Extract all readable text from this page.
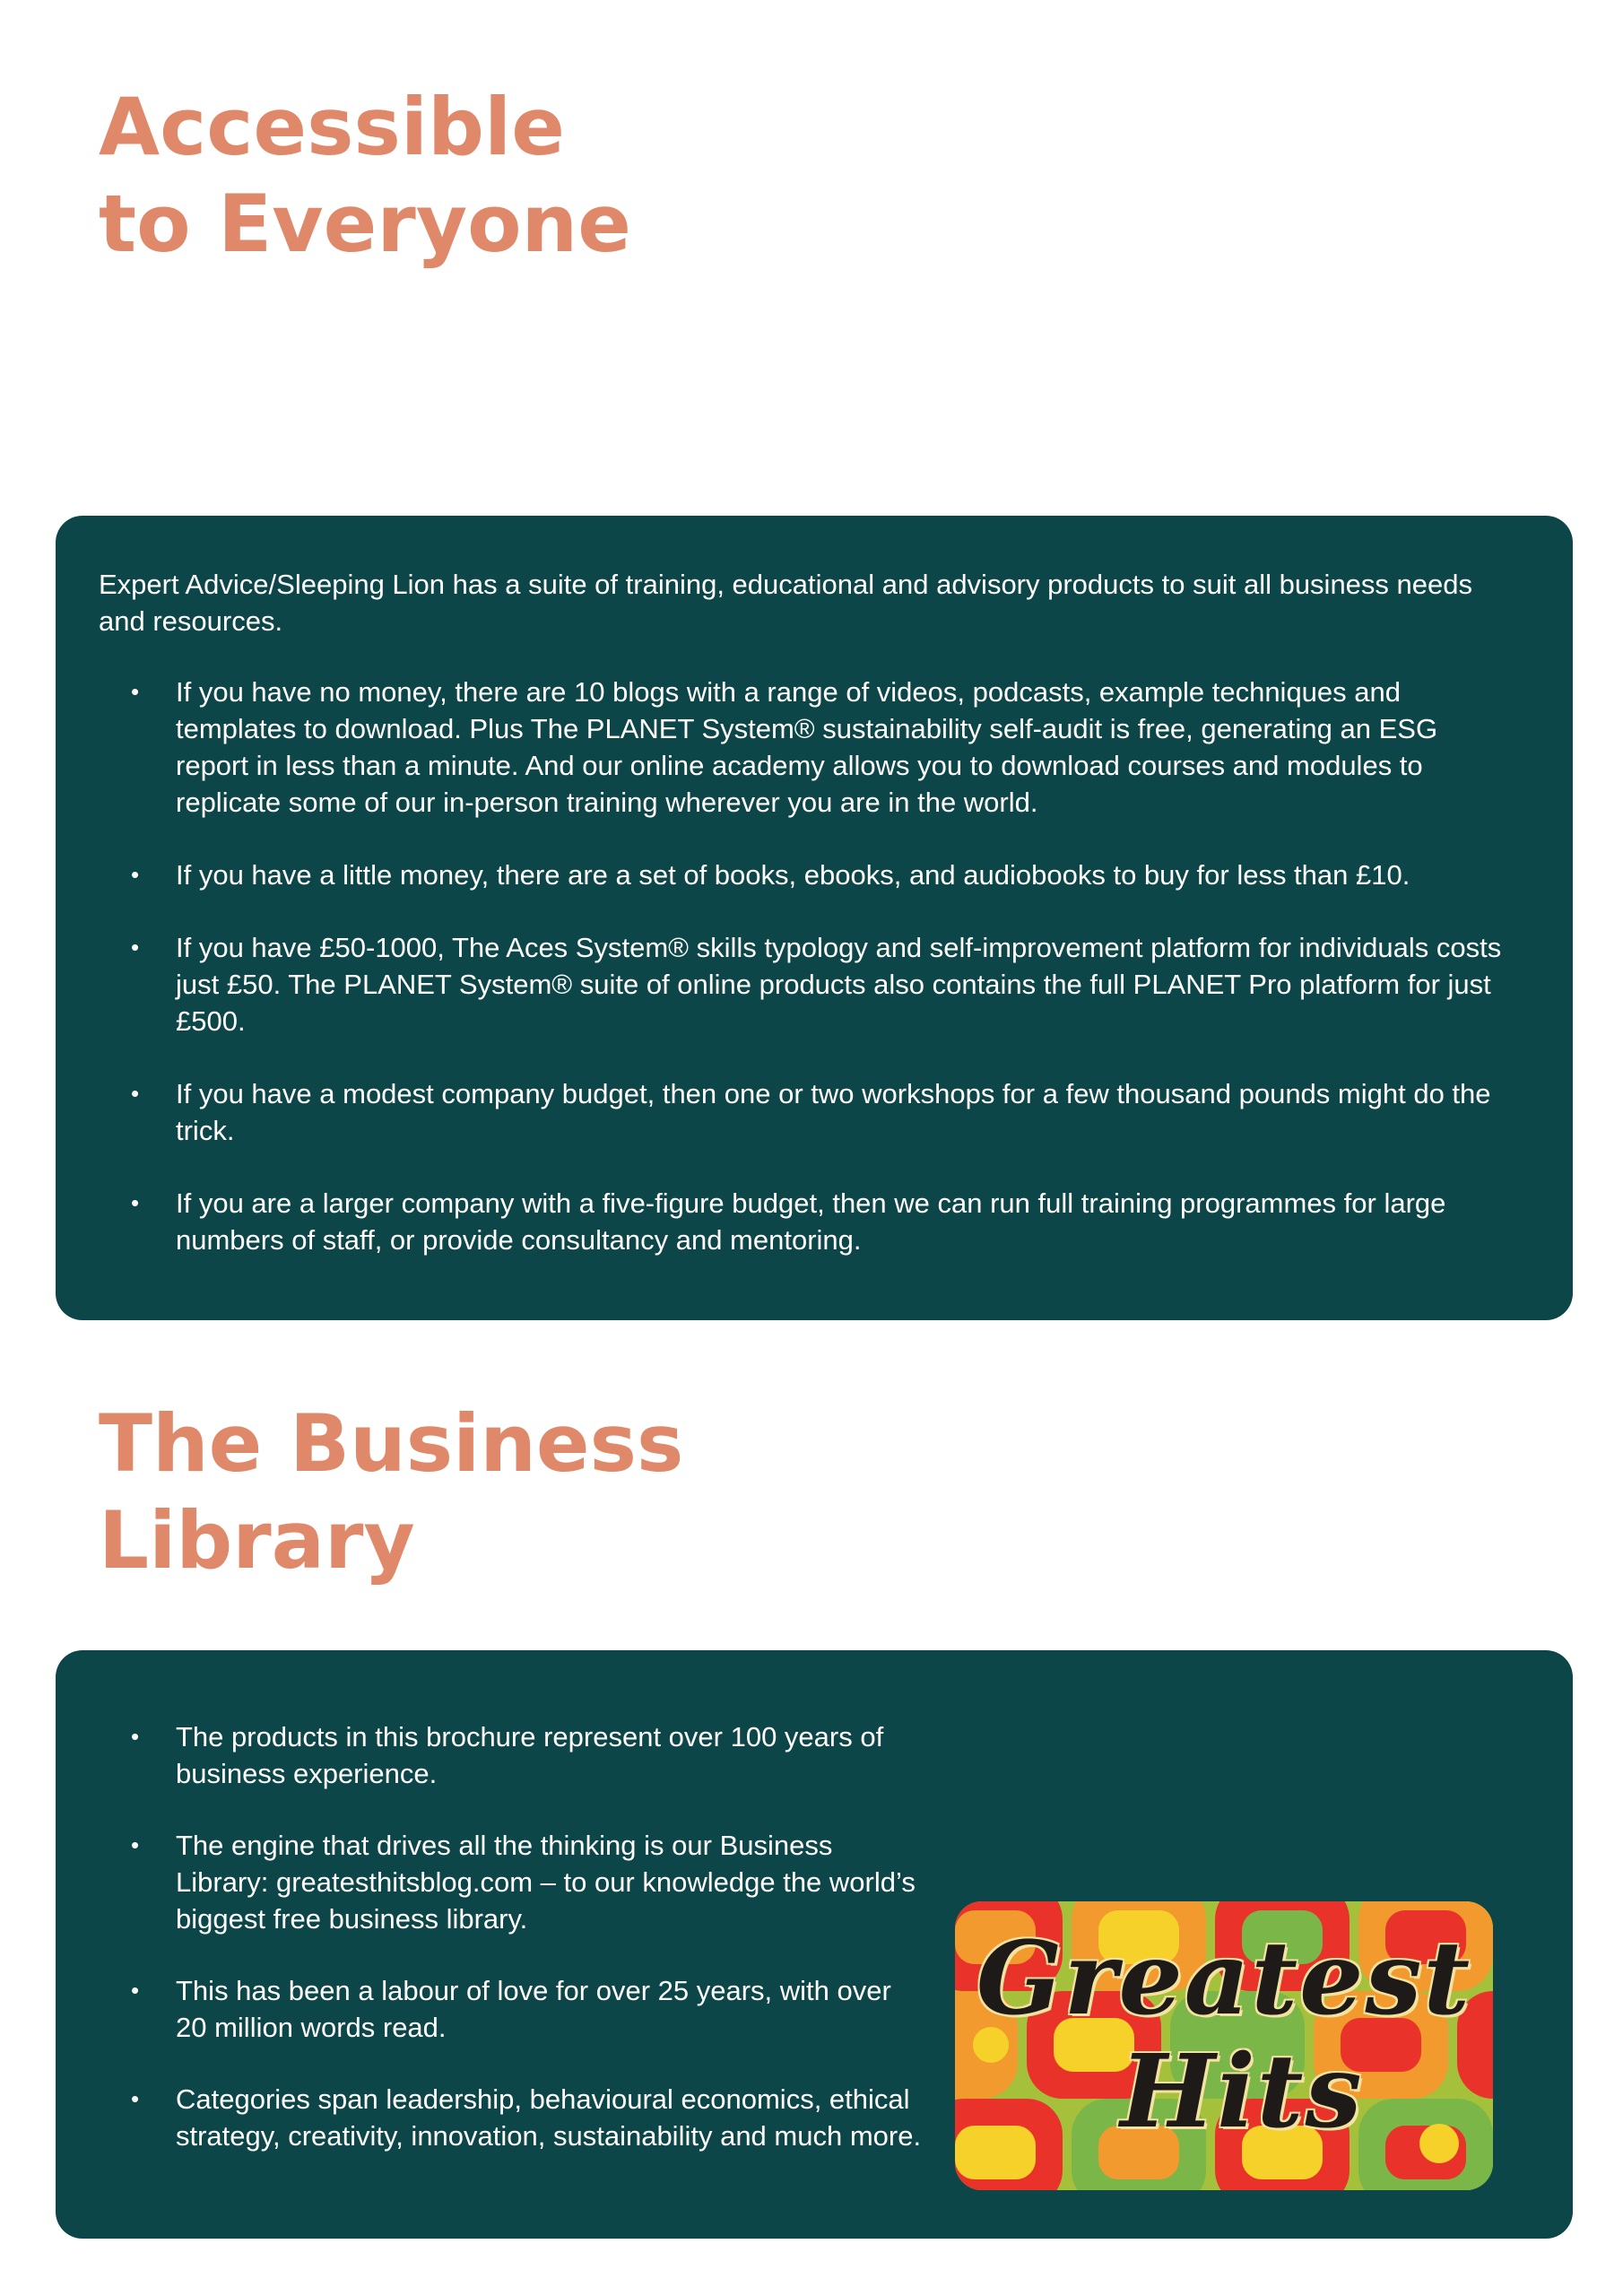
Accessible
to Everyone

Expert Advice/Sleeping Lion has a suite of training, educational and advisory products to suit all business needs and resources.

• If you have no money, there are 10 blogs with a range of videos, podcasts, example techniques and templates to download. Plus The PLANET System® sustainability self-audit is free, generating an ESG report in less than a minute. And our online academy allows you to download courses and modules to replicate some of our in-person training wherever you are in the world.
• If you have a little money, there are a set of books, ebooks, and audiobooks to buy for less than £10.
• If you have £50-1000, The Aces System® skills typology and self-improvement platform for individuals costs just £50. The PLANET System® suite of online products also contains the full PLANET Pro platform for just £500.
• If you have a modest company budget, then one or two workshops for a few thousand pounds might do the trick.
• If you are a larger company with a five-figure budget, then we can run full training programmes for large numbers of staff, or provide consultancy and mentoring.
The Business
Library
• The products in this brochure represent over 100 years of business experience.
• The engine that drives all the thinking is our Business Library: greatesthitsblog.com – to our knowledge the world’s biggest free business library.
• This has been a labour of love for over 25 years, with over 20 million words read.
• Categories span leadership, behavioural economics, ethical strategy, creativity, innovation, sustainability and much more.
Greatest
Hits
